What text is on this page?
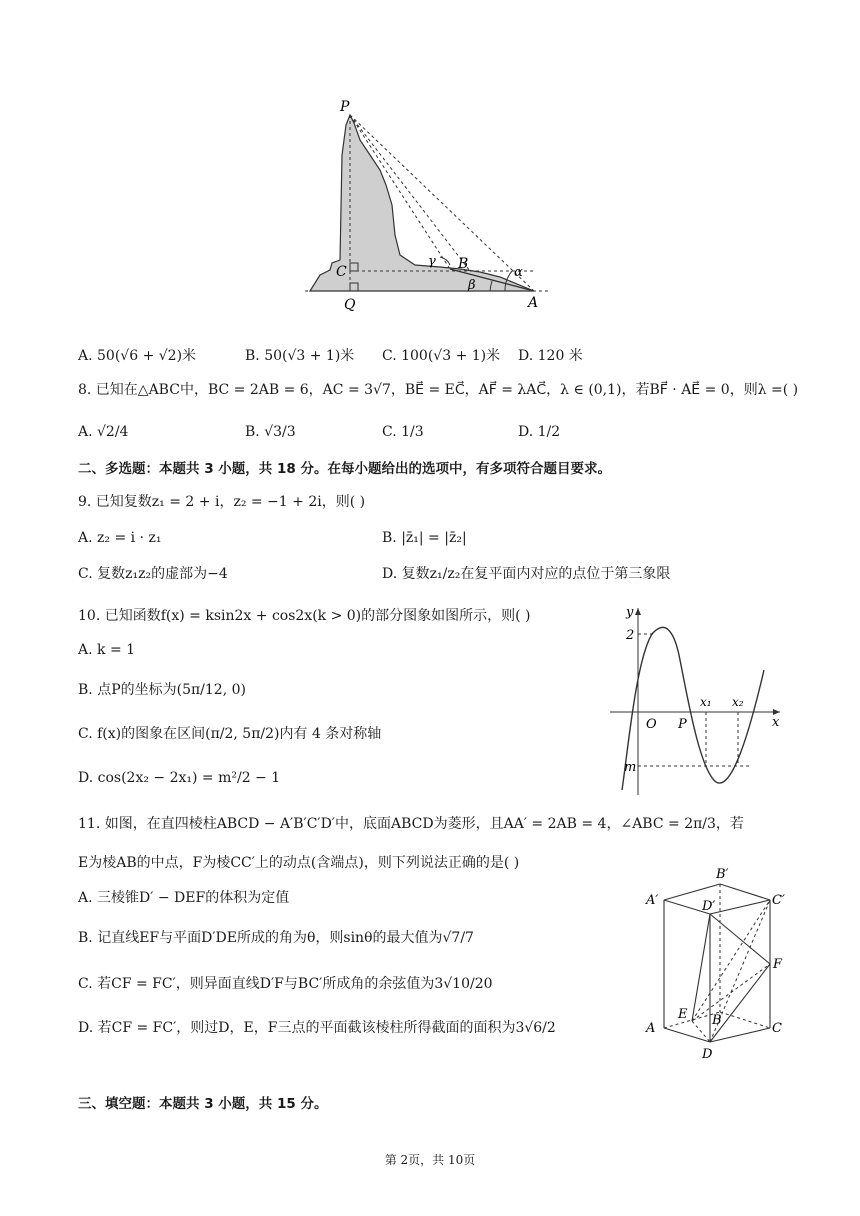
P
C
Q
B
A
α
β
γ
A. 50(√6 + √2)米	B. 50(√3 + 1)米 C. 100(√3 + 1)米 D. 120 米
8. 已知在△ABC中，BC = 2AB = 6，AC = 3√7，BE⃗ = EC⃗，AF⃗ = λAC⃗，λ ∈ (0,1)，若BF⃗ · AE⃗ = 0，则λ =( )
A. √2/4	B. √3/3	C. 1/3	D. 1/2
二、多选题：本题共 3 小题，共 18 分。在每小题给出的选项中，有多项符合题目要求。
9. 已知复数z₁ = 2 + i，z₂ = −1 + 2i，则( )
A. z₂ = i · z₁	B. |z̄₁| = |z̄₂|
C. 复数z₁z₂的虚部为−4	D. 复数z₁/z₂在复平面内对应的点位于第三象限
10. 已知函数f(x) = ksin2x + cos2x(k > 0)的部分图象如图所示，则( )
A. k = 1
B. 点P的坐标为(5π/12, 0)
C. f(x)的图象在区间(π/2, 5π/2)内有 4 条对称轴
D. cos(2x₂ − 2x₁) = m²/2 − 1
y
x
O P
2
m
x₁ x₂
11. 如图，在直四棱柱ABCD − A′B′C′D′中，底面ABCD为菱形，且AA′ = 2AB = 4，∠ABC = 2π/3，若
E为棱AB的中点，F为棱CC′上的动点(含端点)，则下列说法正确的是( )
A. 三棱锥D′ − DEF的体积为定值
B. 记直线EF与平面D′DE所成的角为θ，则sinθ的最大值为√7/7
C. 若CF = FC′，则异面直线D′F与BC′所成角的余弦值为3√10/20
D. 若CF = FC′，则过D，E，F三点的平面截该棱柱所得截面的面积为3√6/2
A′
B′
C′
D′
A
B
C
D
E
F
三、填空题：本题共 3 小题，共 15 分。
第 2页，共 10页
